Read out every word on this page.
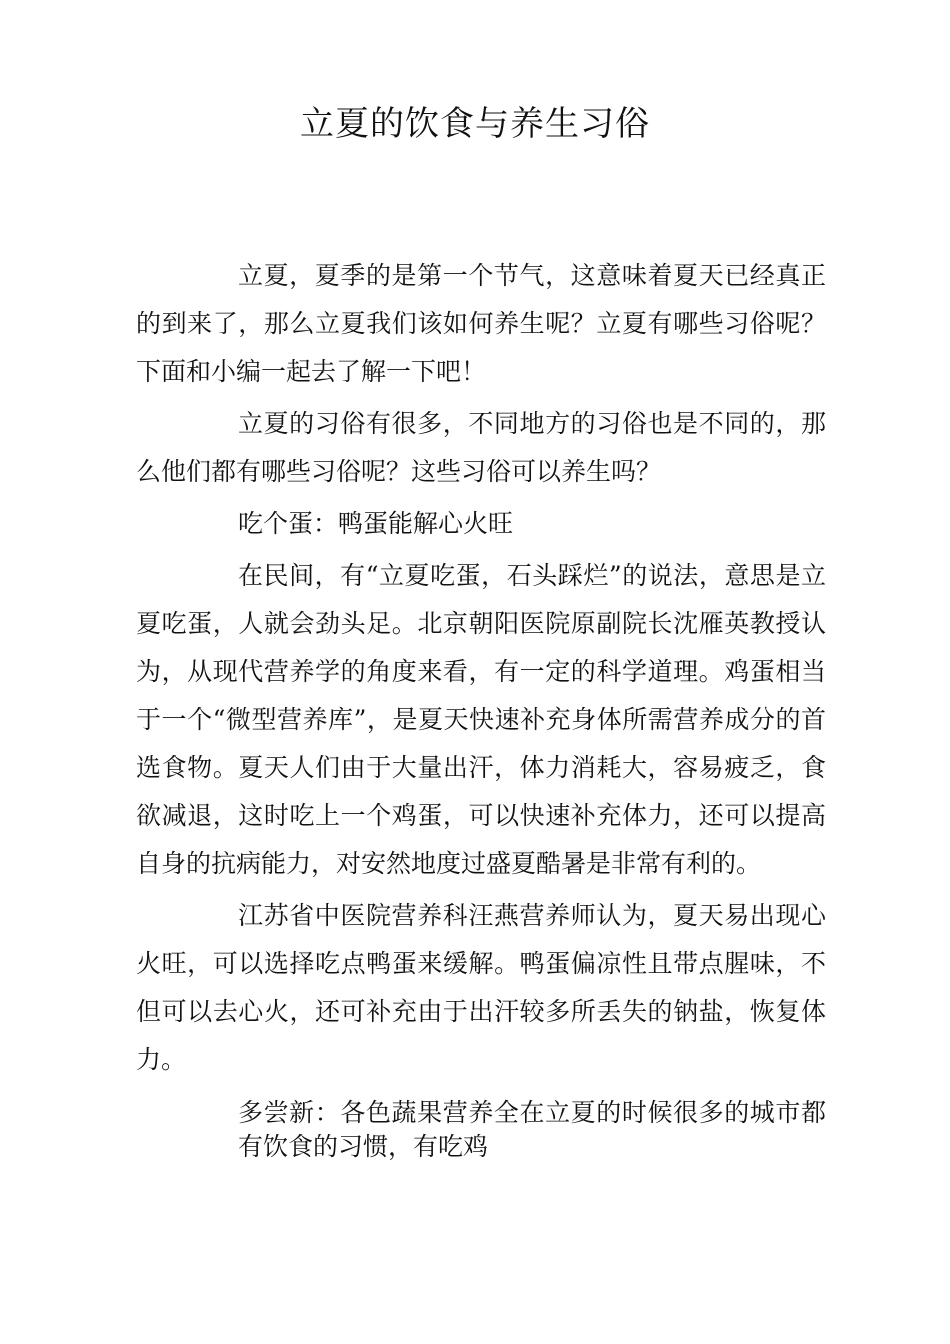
立夏的饮食与养生习俗

立夏，夏季的是第一个节气，这意味着夏天已经真正的到来了，那么立夏我们该如何养生呢？立夏有哪些习俗呢？下面和小编一起去了解一下吧！

立夏的习俗有很多，不同地方的习俗也是不同的，那么他们都有哪些习俗呢？这些习俗可以养生吗？

吃个蛋：鸭蛋能解心火旺

在民间，有“立夏吃蛋，石头踩烂”的说法，意思是立夏吃蛋，人就会劲头足。北京朝阳医院原副院长沈雁英教授认为，从现代营养学的角度来看，有一定的科学道理。鸡蛋相当于一个“微型营养库”，是夏天快速补充身体所需营养成分的首选食物。夏天人们由于大量出汗，体力消耗大，容易疲乏，食欲减退，这时吃上一个鸡蛋，可以快速补充体力，还可以提高自身的抗病能力，对安然地度过盛夏酷暑是非常有利的。

江苏省中医院营养科汪燕营养师认为，夏天易出现心火旺，可以选择吃点鸭蛋来缓解。鸭蛋偏凉性且带点腥味，不但可以去心火，还可补充由于出汗较多所丢失的钠盐，恢复体力。

多尝新：各色蔬果营养全在立夏的时候很多的城市都有饮食的习惯，有吃鸡
